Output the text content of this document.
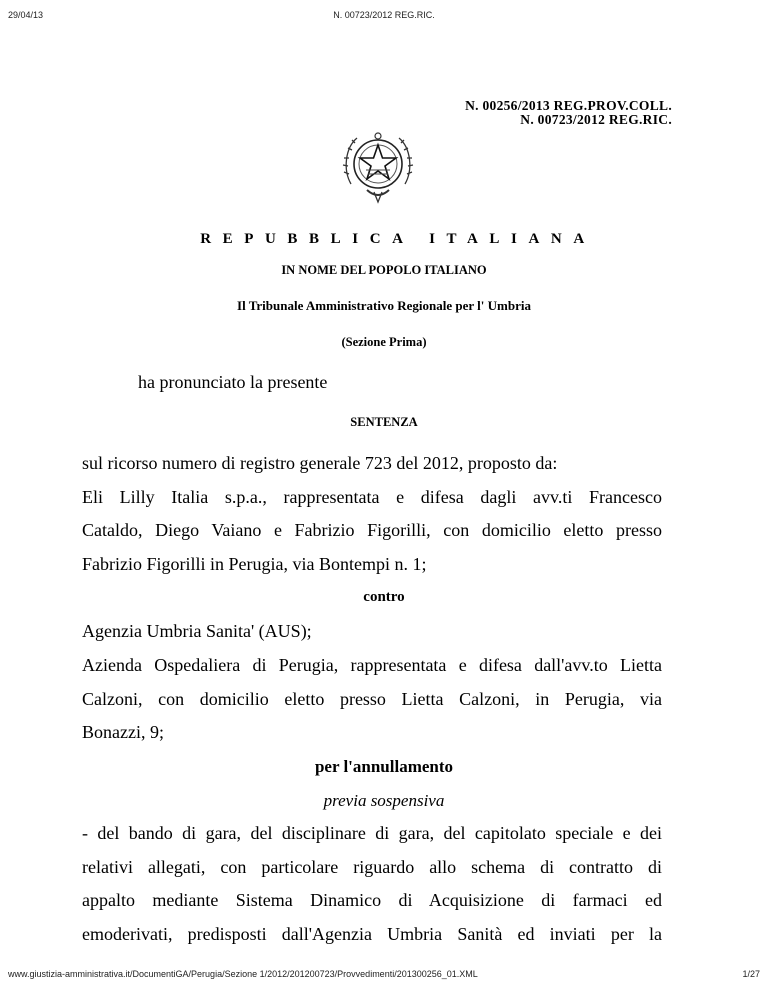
29/04/13	N. 00723/2012 REG.RIC.
N. 00256/2013 REG.PROV.COLL.
N. 00723/2012 REG.RIC.
REPUBBLICA ITALIANA
IN NOME DEL POPOLO ITALIANO
Il Tribunale Amministrativo Regionale per l' Umbria
(Sezione Prima)
ha pronunciato la presente
SENTENZA
sul ricorso numero di registro generale 723 del 2012, proposto da:
Eli Lilly Italia s.p.a., rappresentata e difesa dagli avv.ti Francesco
Cataldo, Diego Vaiano e Fabrizio Figorilli, con domicilio eletto presso
Fabrizio Figorilli in Perugia, via Bontempi n. 1;
contro
Agenzia Umbria Sanita' (AUS);
Azienda Ospedaliera di Perugia, rappresentata e difesa dall'avv.to Lietta
Calzoni, con domicilio eletto presso Lietta Calzoni, in Perugia, via
Bonazzi, 9;
per l'annullamento
previa sospensiva
- del bando di gara, del disciplinare di gara, del capitolato speciale e dei
relativi allegati, con particolare riguardo allo schema di contratto di
appalto mediante Sistema Dinamico di Acquisizione di farmaci ed
emoderivati, predisposti dall'Agenzia Umbria Sanità ed inviati per la
www.giustizia-amministrativa.it/DocumentiGA/Perugia/Sezione 1/2012/201200723/Provvedimenti/201300256_01.XML	1/27
